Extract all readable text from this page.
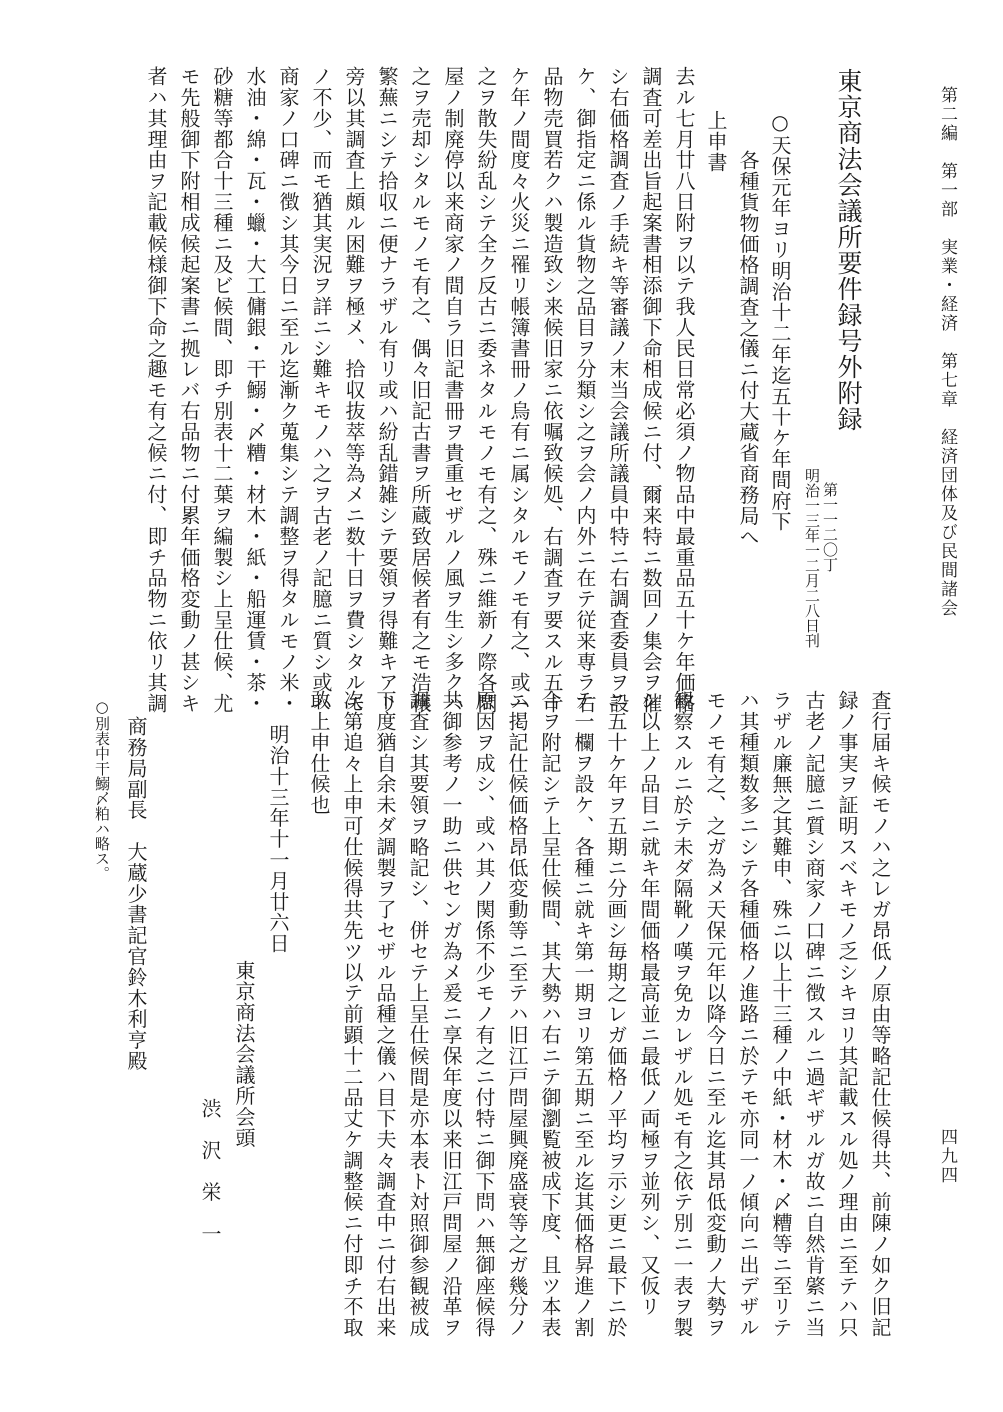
第二編　第一部　実業・経済　第七章　経済団体及び民間諸会
四九四
東京商法会議所要件録号外附録
第一一二〇丁
明治一三年一二月二八日刊
○天保元年ヨリ明治十二年迄五十ケ年間府下
各種貨物価格調査之儀ニ付大蔵省商務局へ
上申書
去ル七月廿八日附ヲ以テ我人民日常必須ノ物品中最重品五十ケ年価格
調査可差出旨起案書相添御下命相成候ニ付、爾来特ニ数回ノ集会ヲ催
シ右価格調査ノ手続キ等審議ノ末当会議所議員中特ニ右調査委員ヲ設
ケ、御指定ニ係ル貨物之品目ヲ分類シ之ヲ会ノ内外ニ在テ従来専ラ右
品物売買若クハ製造致シ来候旧家ニ依嘱致候処、右調査ヲ要スル五十
ケ年ノ間度々火災ニ罹リ帳簿書冊ノ烏有ニ属シタルモノモ有之、或ハ
之ヲ散失紛乱シテ全ク反古ニ委ネタルモノモ有之、殊ニ維新ノ際各問
屋ノ制廃停以来商家ノ間自ラ旧記書冊ヲ貴重セザルノ風ヲ生シ多クハ
之ヲ売却シタルモノモ有之、偶々旧記古書ヲ所蔵致居候者有之モ浩穣
繁蕪ニシテ拾収ニ便ナラザル有リ或ハ紛乱錯雑シテ要領ヲ得難キアリ
旁以其調査上頗ル困難ヲ極メ、拾収抜萃等為メニ数十日ヲ費シタルモ
ノ不少、而モ猶其実況ヲ詳ニシ難キモノハ之ヲ古老ノ記臆ニ質シ或ハ
商家ノ口碑ニ徴シ其今日ニ至ル迄漸ク蒐集シテ調整ヲ得タルモノ米・
水油・綿・瓦・蠟・大工傭銀・干鰯・〆糟・材木・紙・船運賃・茶・
砂糖等都合十三種ニ及ビ候間、即チ別表十二葉ヲ編製シ上呈仕候、尤
モ先般御下附相成候起案書ニ拠レバ右品物ニ付累年価格変動ノ甚シキ
者ハ其理由ヲ記載候様御下命之趣モ有之候ニ付、即チ品物ニ依リ其調
査行届キ候モノハ之レガ昂低ノ原由等略記仕候得共、前陳ノ如ク旧記
録ノ事実ヲ証明スベキモノ乏シキヨリ其記載スル処ノ理由ニ至テハ只
古老ノ記臆ニ質シ商家ノ口碑ニ徴スルニ過ギザルガ故ニ自然肯綮ニ当
ラザル廉無之其難申、殊ニ以上十三種ノ中紙・材木・〆糟等ニ至リテ
ハ其種類数多ニシテ各種価格ノ進路ニ於テモ亦同一ノ傾向ニ出デザル
モノモ有之、之ガ為メ天保元年以降今日ニ至ル迄其昂低変動ノ大勢ヲ
観察スルニ於テ未ダ隔靴ノ嘆ヲ免カレザル処モ有之依テ別ニ一表ヲ製
シ以上ノ品目ニ就キ年間価格最高並ニ最低ノ両極ヲ並列シ、又仮リ
ニ五十ケ年ヲ五期ニ分画シ毎期之レガ価格ノ平均ヲ示シ更ニ最下ニ於
テ一欄ヲ設ケ、各種ニ就キ第一期ヨリ第五期ニ至ル迄其価格昇進ノ割
合ヲ附記シテ上呈仕候間、其大勢ハ右ニテ御瀏覧被成下度、且ツ本表
ニ掲記仕候価格昂低変動等ニ至テハ旧江戸問屋興廃盛衰等之ガ幾分ノ
原因ヲ成シ、或ハ其ノ関係不少モノ有之ニ付特ニ御下問ハ無御座候得
共御参考ノ一助ニ供センガ為メ爰ニ享保年度以来旧江戸問屋ノ沿革ヲ
調査シ其要領ヲ略記シ、併セテ上呈仕候間是亦本表ト対照御参観被成
下度猶自余未ダ調製ヲ了セザル品種之儀ハ目下夫々調査中ニ付右出来
次第追々上申可仕候得共先ツ以テ前顕十二品丈ケ調整候ニ付即チ不取
敢上申仕候也
明治十三年十一月廿六日
東京商法会議所会頭
渋　沢　栄　一
商務局副長　大蔵少書記官鈴木利亨殿
○別表中干鰯〆粕ハ略ス。
